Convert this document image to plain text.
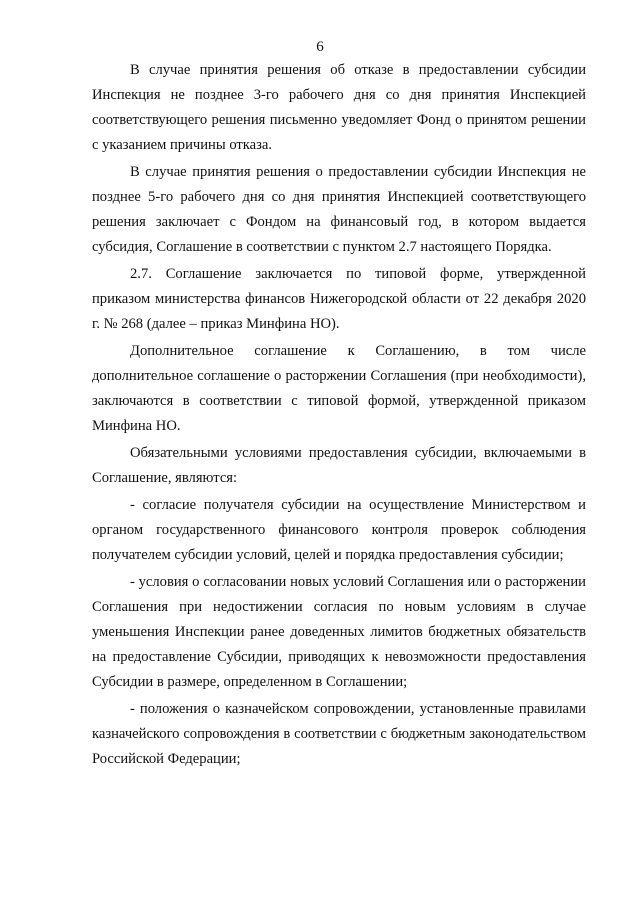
6

В случае принятия решения об отказе в предоставлении субсидии Инспекция не позднее 3-го рабочего дня со дня принятия Инспекцией соответствующего решения письменно уведомляет Фонд о принятом решении с указанием причины отказа.

В случае принятия решения о предоставлении субсидии Инспекция не позднее 5-го рабочего дня со дня принятия Инспекцией соответствующего решения заключает с Фондом на финансовый год, в котором выдается субсидия, Соглашение в соответствии с пунктом 2.7 настоящего Порядка.

2.7. Соглашение заключается по типовой форме, утвержденной приказом министерства финансов Нижегородской области от 22 декабря 2020 г. № 268 (далее – приказ Минфина НО).

Дополнительное соглашение к Соглашению, в том числе дополнительное соглашение о расторжении Соглашения (при необходимости), заключаются в соответствии с типовой формой, утвержденной приказом Минфина НО.

Обязательными условиями предоставления субсидии, включаемыми в Соглашение, являются:

- согласие получателя субсидии на осуществление Министерством и органом государственного финансового контроля проверок соблюдения получателем субсидии условий, целей и порядка предоставления субсидии;

- условия о согласовании новых условий Соглашения или о расторжении Соглашения при недостижении согласия по новым условиям в случае уменьшения Инспекции ранее доведенных лимитов бюджетных обязательств на предоставление Субсидии, приводящих к невозможности предоставления Субсидии в размере, определенном в Соглашении;

- положения о казначейском сопровождении, установленные правилами казначейского сопровождения в соответствии с бюджетным законодательством Российской Федерации;
